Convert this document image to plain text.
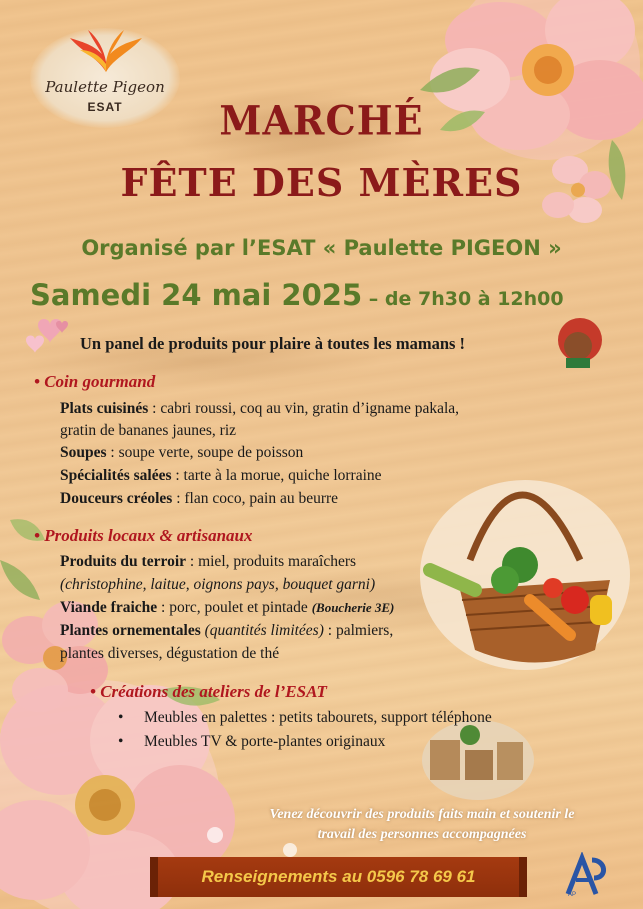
Paulette Pigeon
ESAT	MARCHÉ
FÊTE DES MÈRES
Organisé par l’ESAT « Paulette PIGEON »
Samedi 24 mai 2025 – de 7h30 à 12h00
Un panel de produits pour plaire à toutes les mamans !
• Coin gourmand
Plats cuisinés : cabri roussi, coq au vin, gratin d’igname pakala,
gratin de bananes jaunes, riz
Soupes : soupe verte, soupe de poisson
Spécialités salées : tarte à la morue, quiche lorraine
Douceurs créoles : flan coco, pain au beurre
• Produits locaux & artisanaux
Produits du terroir : miel, produits maraîchers
(christophine, laitue, oignons pays, bouquet garni)
Viande fraiche : porc, poulet et pintade (Boucherie 3E)
Plantes ornementales (quantités limitées) : palmiers,
plantes diverses, dégustation de thé
• Créations des ateliers de l’ESAT
• Meubles en palettes : petits tabourets, support téléphone
• Meubles TV & porte-plantes originaux
Venez découvrir des produits faits main et soutenir le
travail des personnes accompagnées
Renseignements au 0596 78 69 61
AP
